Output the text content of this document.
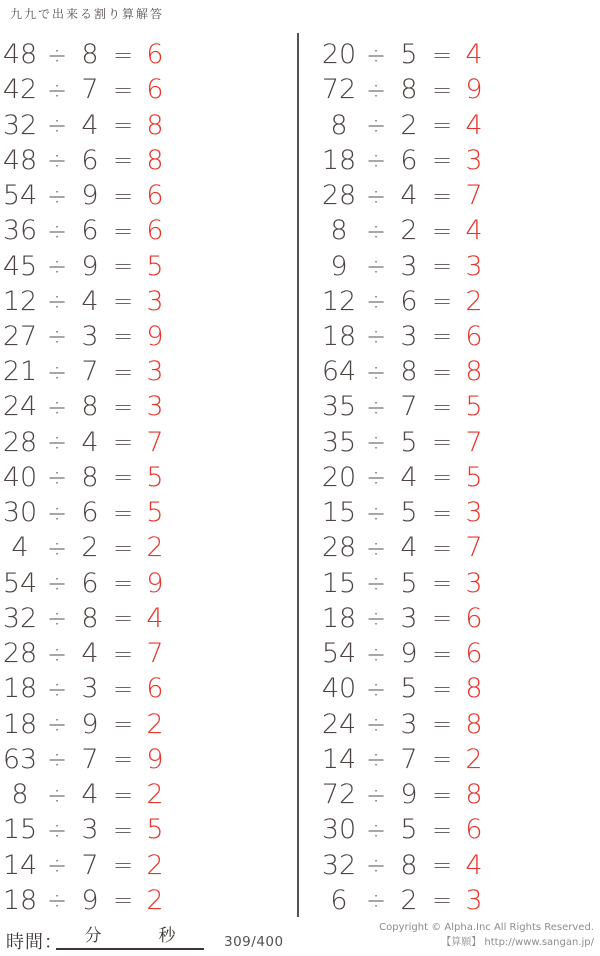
九九で出来る割り算解答
48 ÷ 8 = 6
42 ÷ 7 = 6
32 ÷ 4 = 8
48 ÷ 6 = 8
54 ÷ 9 = 6
36 ÷ 6 = 6
45 ÷ 9 = 5
12 ÷ 4 = 3
27 ÷ 3 = 9
21 ÷ 7 = 3
24 ÷ 8 = 3
28 ÷ 4 = 7
40 ÷ 8 = 5
30 ÷ 6 = 5
4 ÷ 2 = 2
54 ÷ 6 = 9
32 ÷ 8 = 4
28 ÷ 4 = 7
18 ÷ 3 = 6
18 ÷ 9 = 2
63 ÷ 7 = 9
8 ÷ 4 = 2
15 ÷ 3 = 5
14 ÷ 7 = 2
18 ÷ 9 = 2
20 ÷ 5 = 4
72 ÷ 8 = 9
8 ÷ 2 = 4
18 ÷ 6 = 3
28 ÷ 4 = 7
8 ÷ 2 = 4
9 ÷ 3 = 3
12 ÷ 6 = 2
18 ÷ 3 = 6
64 ÷ 8 = 8
35 ÷ 7 = 5
35 ÷ 5 = 7
20 ÷ 4 = 5
15 ÷ 5 = 3
28 ÷ 4 = 7
15 ÷ 5 = 3
18 ÷ 3 = 6
54 ÷ 9 = 6
40 ÷ 5 = 8
24 ÷ 3 = 8
14 ÷ 7 = 2
72 ÷ 9 = 8
30 ÷ 5 = 6
32 ÷ 8 = 4
6 ÷ 2 = 3
時間： 分	秒	309/400
Copyright © Alpha.Inc All Rights Reserved.
【算願】 http://www.sangan.jp/
